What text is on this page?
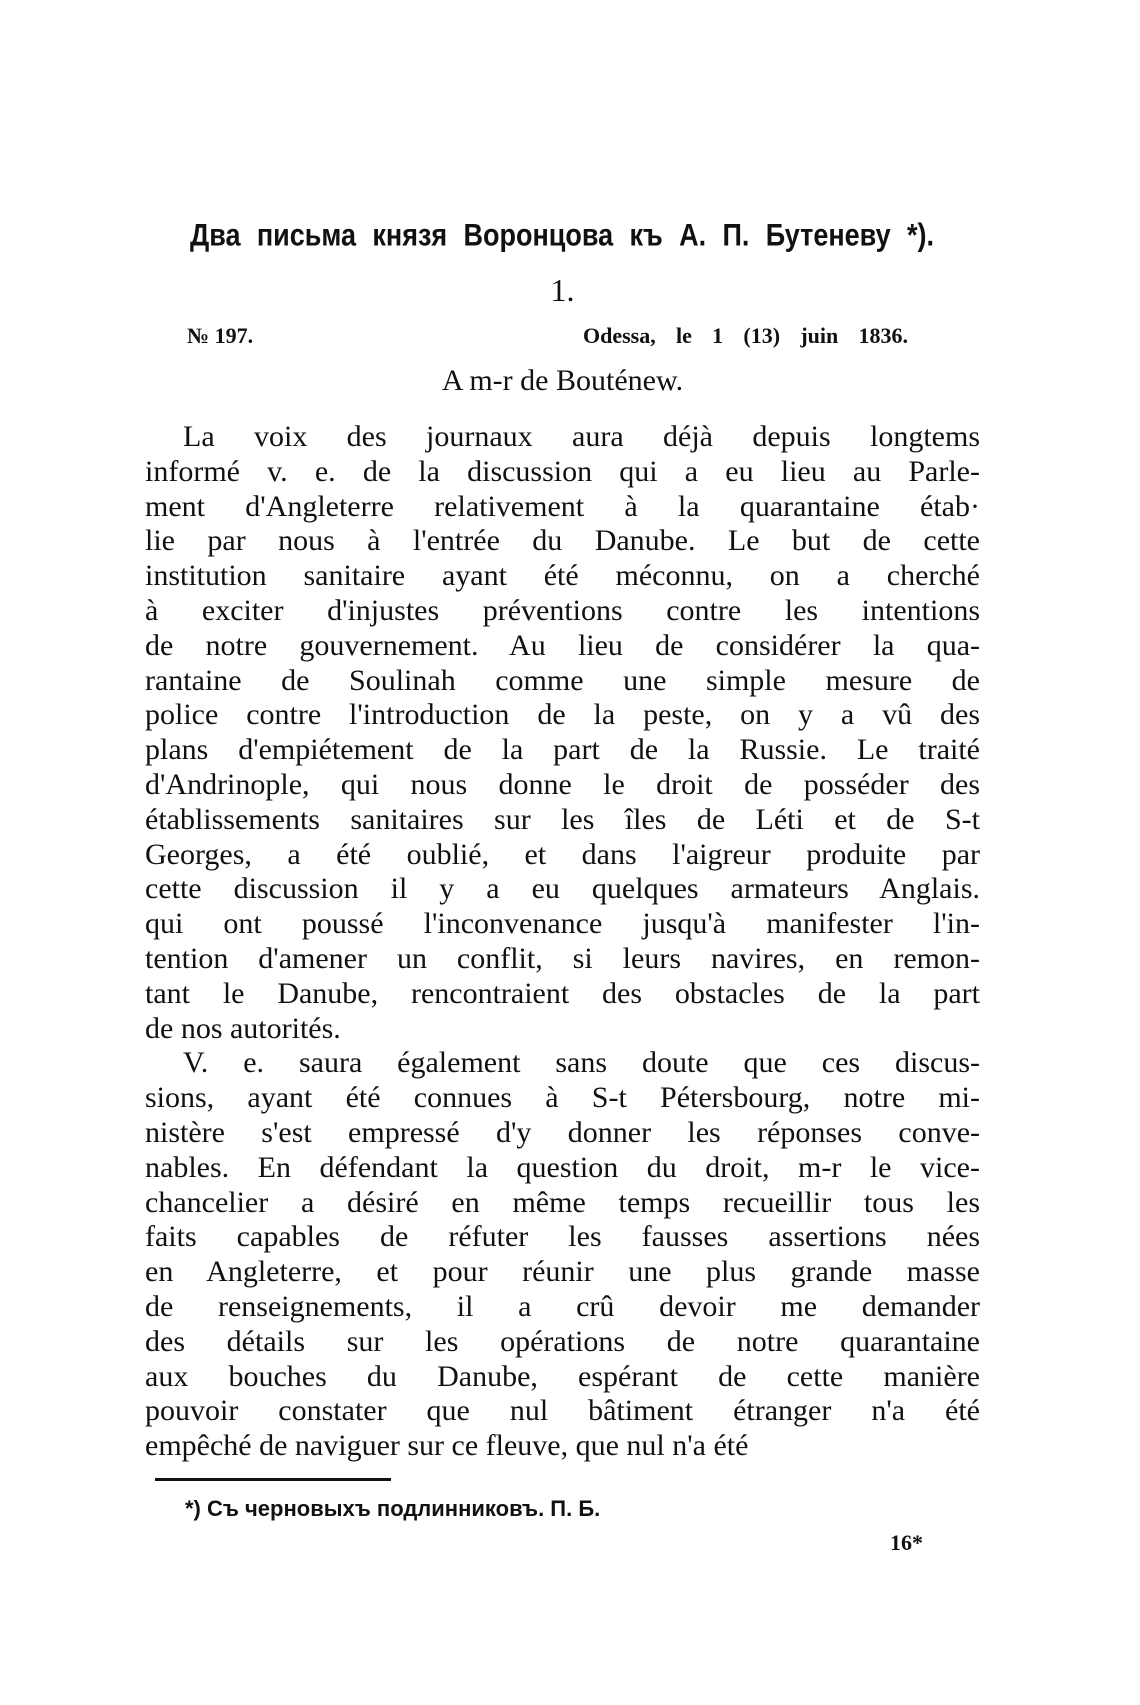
Два письма князя Воронцова къ А. П. Бутеневу *).
1.
№ 197.	Odessa, le 1 (13) juin 1836.
A m-r de Bouténew.
La voix des journaux aura déjà depuis longtems
informé v. e. de la discussion qui a eu lieu au Parle-
ment d'Angleterre relativement à la quarantaine étab·
lie par nous à l'entrée du Danube. Le but de cette
institution sanitaire ayant été méconnu, on a cherché
à exciter d'injustes préventions contre les intentions
de notre gouvernement. Au lieu de considérer la qua-
rantaine de Soulinah comme une simple mesure de
police contre l'introduction de la peste, on y a vû des
plans d'empiétement de la part de la Russie. Le traité
d'Andrinople, qui nous donne le droit de posséder des
établissements sanitaires sur les îles de Léti et de S-t
Georges, a été oublié, et dans l'aigreur produite par
cette discussion il y a eu quelques armateurs Anglais.
qui ont poussé l'inconvenance jusqu'à manifester l'in-
tention d'amener un conflit, si leurs navires, en remon-
tant le Danube, rencontraient des obstacles de la part
de nos autorités.
V. e. saura également sans doute que ces discus-
sions, ayant été connues à S-t Pétersbourg, notre mi-
nistère s'est empressé d'y donner les réponses conve-
nables. En défendant la question du droit, m-r le vice-
chancelier a désiré en même temps recueillir tous les
faits capables de réfuter les fausses assertions nées
en Angleterre, et pour réunir une plus grande masse
de renseignements, il a crû devoir me demander
des détails sur les opérations de notre quarantaine
aux bouches du Danube, espérant de cette manière
pouvoir constater que nul bâtiment étranger n'a été
empêché de naviguer sur ce fleuve, que nul n'a été
*) Съ черновыхъ подлинниковъ. П. Б.
16*
